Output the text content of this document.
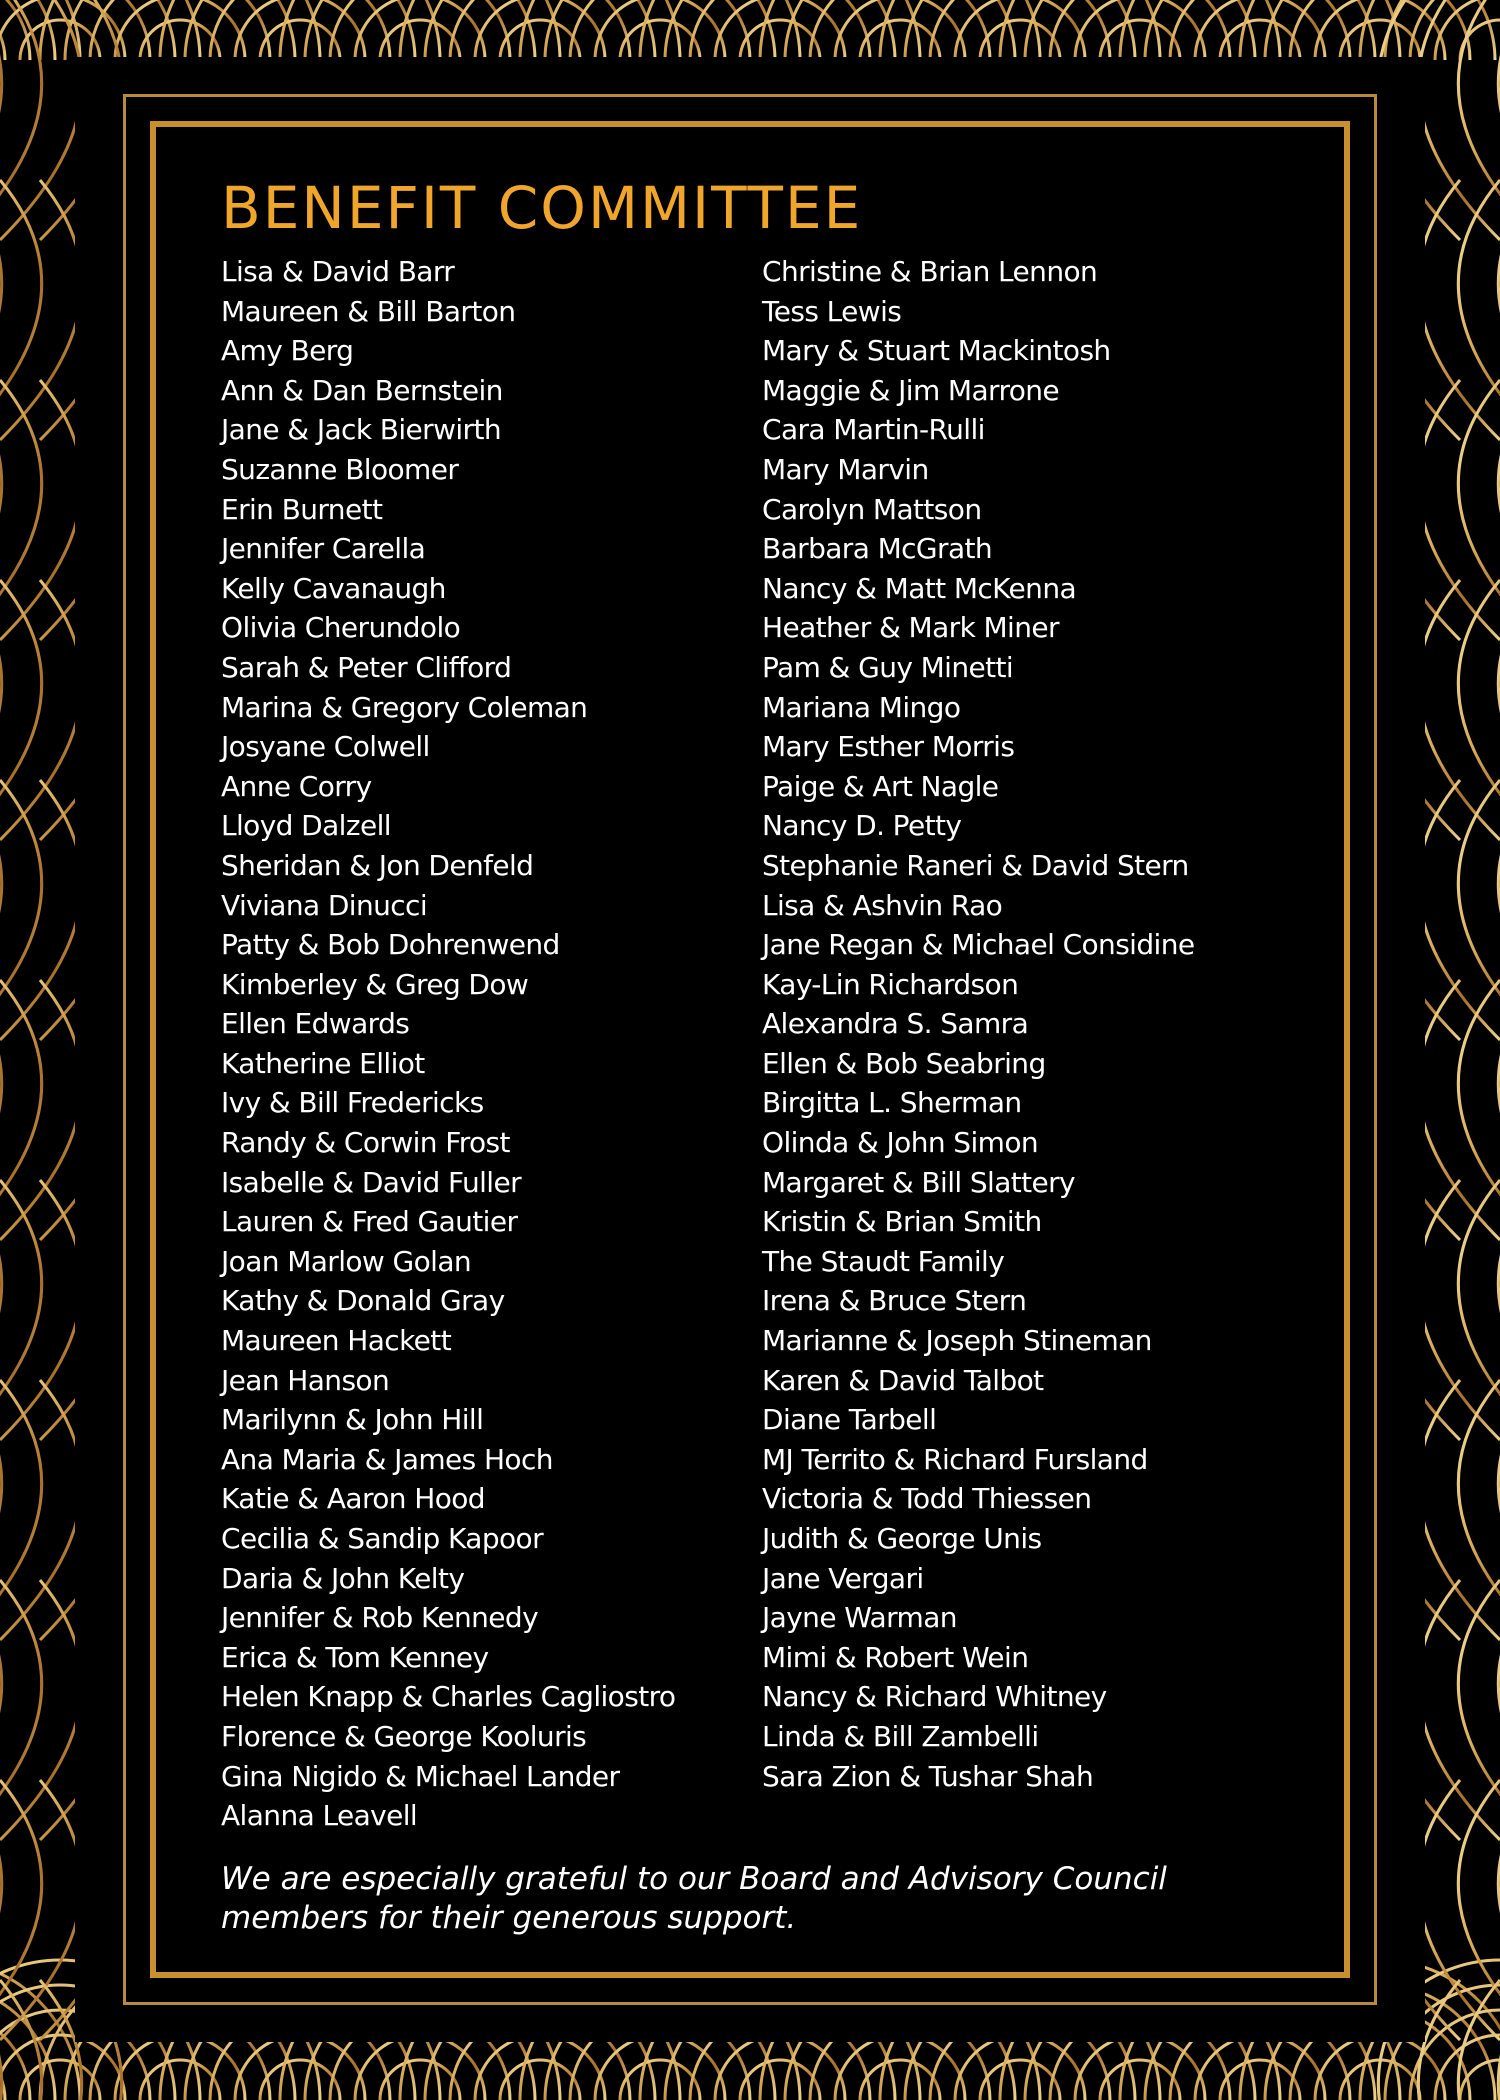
BENEFIT COMMITTEE
Lisa & David Barr
Maureen & Bill Barton
Amy Berg
Ann & Dan Bernstein
Jane & Jack Bierwirth
Suzanne Bloomer
Erin Burnett
Jennifer Carella
Kelly Cavanaugh
Olivia Cherundolo
Sarah & Peter Clifford
Marina & Gregory Coleman
Josyane Colwell
Anne Corry
Lloyd Dalzell
Sheridan & Jon Denfeld
Viviana Dinucci
Patty & Bob Dohrenwend
Kimberley & Greg Dow
Ellen Edwards
Katherine Elliot
Ivy & Bill Fredericks
Randy & Corwin Frost
Isabelle & David Fuller
Lauren & Fred Gautier
Joan Marlow Golan
Kathy & Donald Gray
Maureen Hackett
Jean Hanson
Marilynn & John Hill
Ana Maria & James Hoch
Katie & Aaron Hood
Cecilia & Sandip Kapoor
Daria & John Kelty
Jennifer & Rob Kennedy
Erica & Tom Kenney
Helen Knapp & Charles Cagliostro
Florence & George Kooluris
Gina Nigido & Michael Lander
Alanna Leavell
Christine & Brian Lennon
Tess Lewis
Mary & Stuart Mackintosh
Maggie & Jim Marrone
Cara Martin-Rulli
Mary Marvin
Carolyn Mattson
Barbara McGrath
Nancy & Matt McKenna
Heather & Mark Miner
Pam & Guy Minetti
Mariana Mingo
Mary Esther Morris
Paige & Art Nagle
Nancy D. Petty
Stephanie Raneri & David Stern
Lisa & Ashvin Rao
Jane Regan & Michael Considine
Kay-Lin Richardson
Alexandra S. Samra
Ellen & Bob Seabring
Birgitta L. Sherman
Olinda & John Simon
Margaret & Bill Slattery
Kristin & Brian Smith
The Staudt Family
Irena & Bruce Stern
Marianne & Joseph Stineman
Karen & David Talbot
Diane Tarbell
MJ Territo & Richard Fursland
Victoria & Todd Thiessen
Judith & George Unis
Jane Vergari
Jayne Warman
Mimi & Robert Wein
Nancy & Richard Whitney
Linda & Bill Zambelli
Sara Zion & Tushar Shah

We are especially grateful to our Board and Advisory Council members for their generous support.
